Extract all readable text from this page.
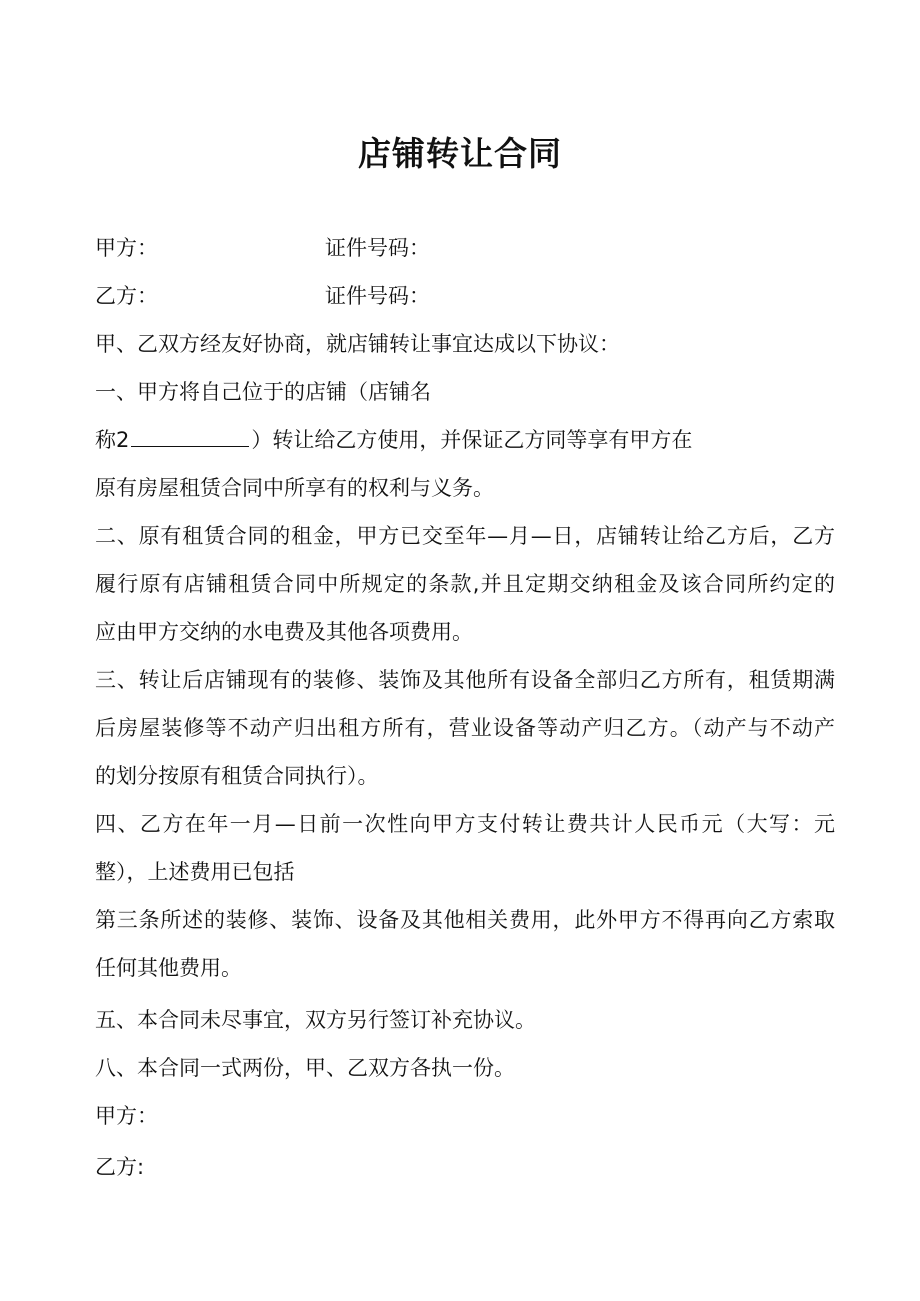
店铺转让合同
甲方：	证件号码：
乙方：	证件号码：
甲、乙双方经友好协商，就店铺转让事宜达成以下协议：
一、甲方将自己位于的店铺（店铺名
称2	）转让给乙方使用，并保证乙方同等享有甲方在
原有房屋租赁合同中所享有的权利与义务。
二、原有租赁合同的租金，甲方已交至年—月—日，店铺转让给乙方后，乙方
履行原有店铺租赁合同中所规定的条款,并且定期交纳租金及该合同所约定的
应由甲方交纳的水电费及其他各项费用。
三、转让后店铺现有的装修、装饰及其他所有设备全部归乙方所有，租赁期满
后房屋装修等不动产归出租方所有，营业设备等动产归乙方。（动产与不动产
的划分按原有租赁合同执行）。
四、乙方在年一月—日前一次性向甲方支付转让费共计人民币元（大写：元
整），上述费用已包括
第三条所述的装修、装饰、设备及其他相关费用，此外甲方不得再向乙方索取
任何其他费用。
五、本合同未尽事宜，双方另行签订补充协议。
八、本合同一式两份，甲、乙双方各执一份。
甲方：
乙方:
